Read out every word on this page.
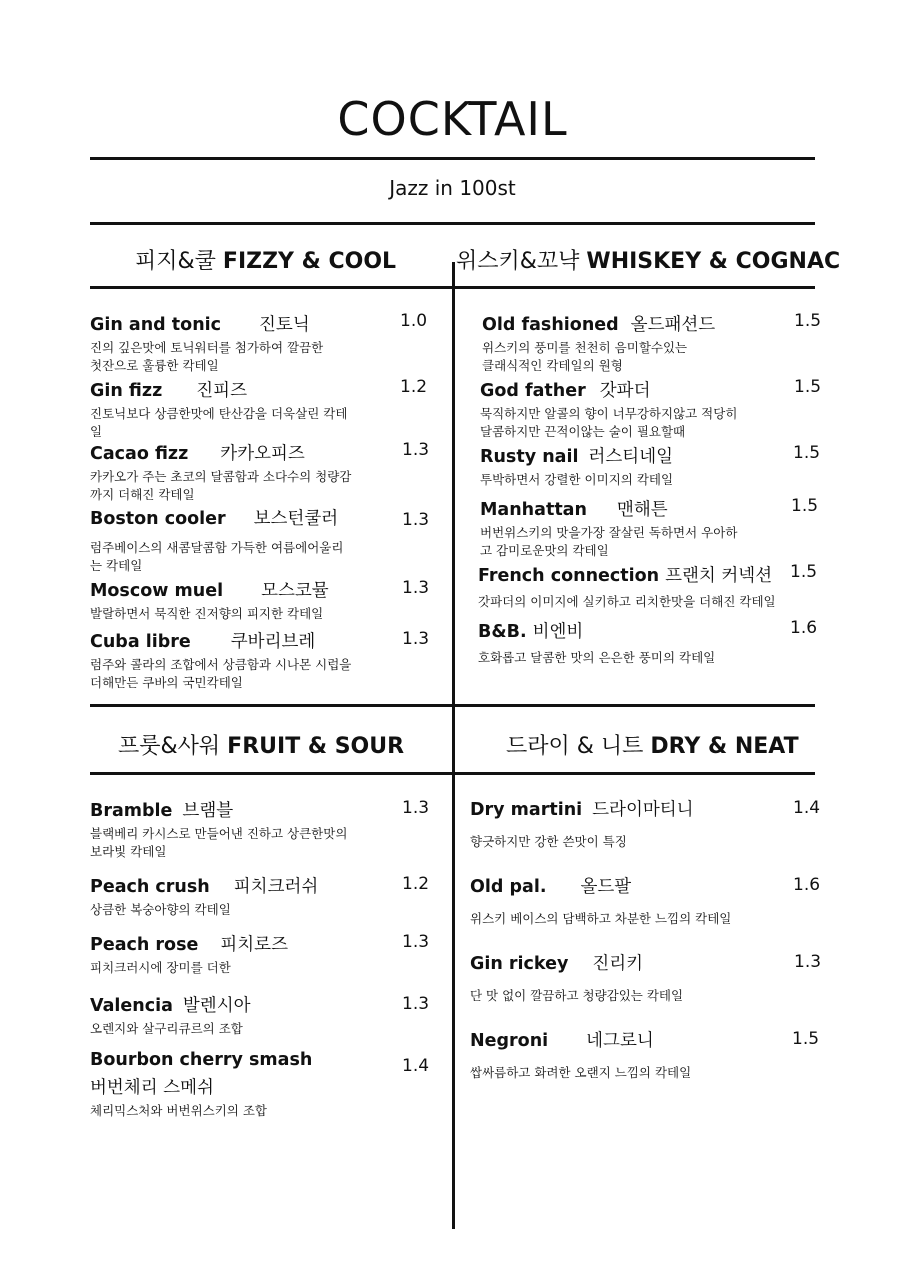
COCKTAIL
Jazz in 100st
피지&쿨 FIZZY & COOL	위스키&꼬냑 WHISKEY & COGNAC
Gin and tonic 진토닉
진의 깊은맛에 토닉워터를 첨가하여 깔끔한
첫잔으로 훌륭한 칵테일
1.0
Gin fizz 진피즈
진토닉보다 상큼한맛에 탄산감을 더욱살린 칵테
일
1.2
Cacao fizz 카카오피즈
카카오가 주는 초코의 달콤함과 소다수의 청량감
까지 더해진 칵테일
1.3
Boston cooler 보스턴쿨러
럼주베이스의 새콤달콤함 가득한 여름에어울리
는 칵테일
1.3
Moscow muel 모스코뮬
발랄하면서 묵직한 진저향의 피지한 칵테일
1.3
Cuba libre 쿠바리브레
럼주와 콜라의 조합에서 상큼함과 시나몬 시럽을
더해만든 쿠바의 국민칵테일
1.3
Old fashioned 올드패션드
위스키의 풍미를 천천히 음미할수있는
클래식적인 칵테일의 원형
1.5
God father 갓파더
묵직하지만 알콜의 향이 너무강하지않고 적당히
달콤하지만 끈적이않는 술이 필요할때
1.5
Rusty nail 러스티네일
투박하면서 강렬한 이미지의 칵테일
1.5
Manhattan 맨해튼
버번위스키의 맛을가장 잘살린 독하면서 우아하
고 감미로운맛의 칵테일
1.5
French connection 프랜치 커넥션
갓파더의 이미지에 실키하고 리치한맛을 더해진 칵테일
1.5
B&B. 비엔비
호화롭고 달콤한 맛의 은은한 풍미의 칵테일
1.6
프룻&사워 FRUIT & SOUR	드라이 & 니트 DRY & NEAT
Bramble 브램블
블랙베리 카시스로 만들어낸 진하고 상큰한맛의
보라빛 칵테일
1.3
Peach crush 피치크러쉬
상큼한 복숭아향의 칵테일
1.2
Peach rose 피치로즈
피치크러시에 장미를 더한
1.3
Valencia 발렌시아
오렌지와 살구리큐르의 조합
1.3
Bourbon cherry smash
버번체리 스메쉬
체리믹스처와 버번위스키의 조합
1.4
Dry martini 드라이마티니
향긋하지만 강한 쓴맛이 특징
1.4
Old pal. 올드팔
위스키 베이스의 담백하고 차분한 느낌의 칵테일
1.6
Gin rickey 진리키
단 맛 없이 깔끔하고 청량감있는 칵테일
1.3
Negroni 네그로니
쌉싸름하고 화려한 오랜지 느낌의 칵테일
1.5
